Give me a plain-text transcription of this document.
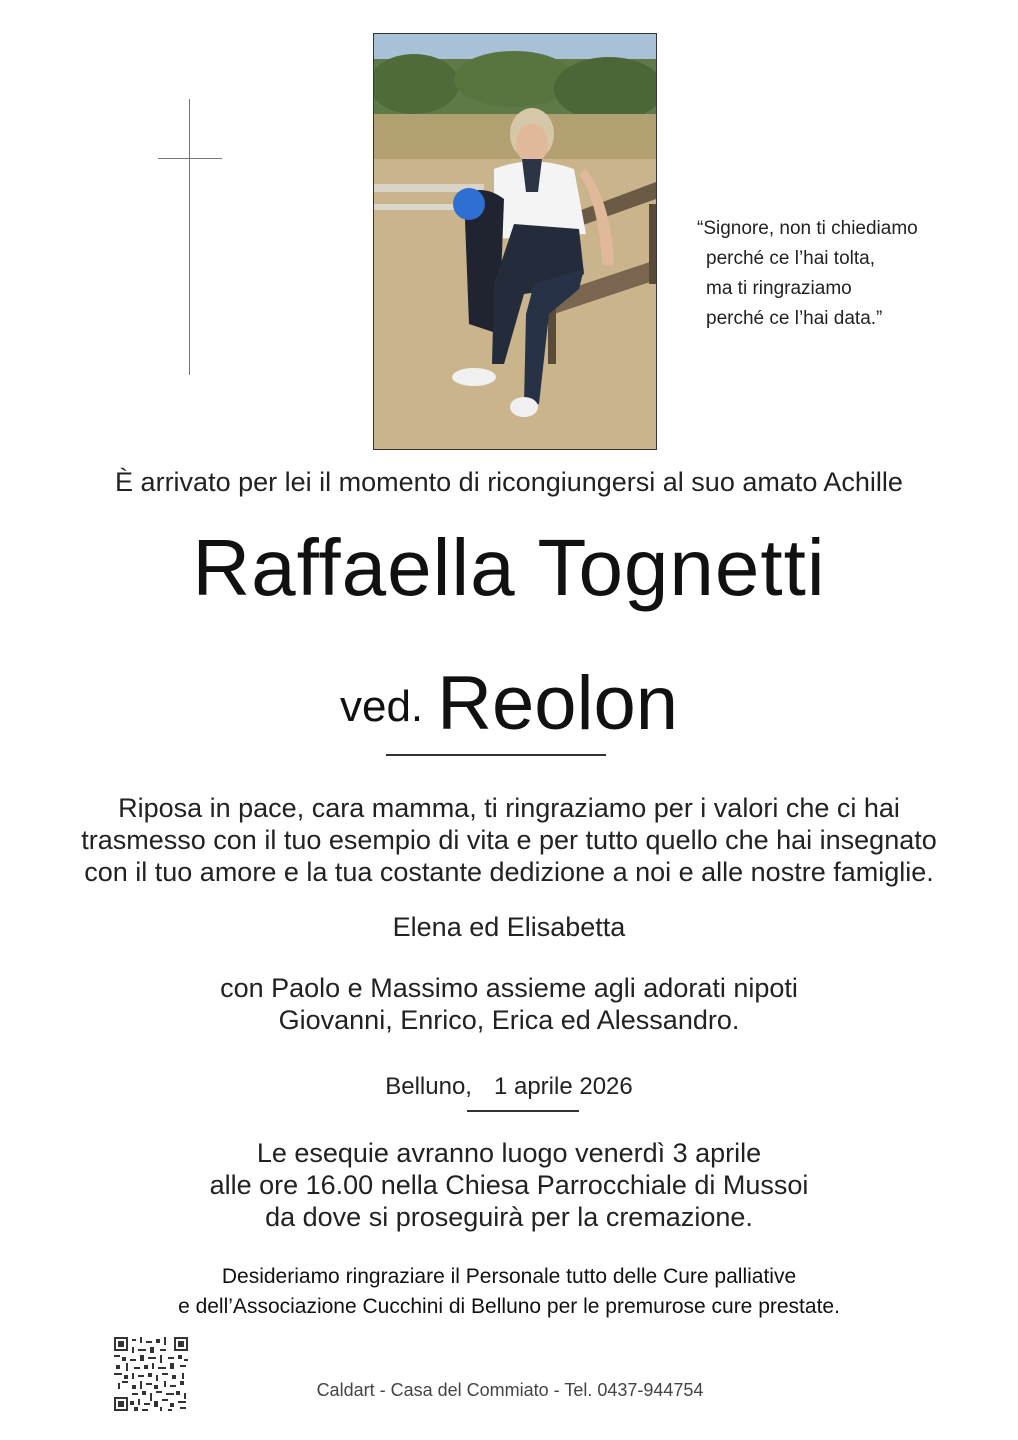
“Signore, non ti chiediamo
perché ce l’hai tolta,
ma ti ringraziamo
perché ce l’hai data.”
È arrivato per lei il momento di ricongiungersi al suo amato Achille
Raffaella Tognetti
ved. Reolon
Riposa in pace, cara mamma, ti ringraziamo per i valori che ci hai
trasmesso con il tuo esempio di vita e per tutto quello che hai insegnato
con il tuo amore e la tua costante dedizione a noi e alle nostre famiglie.
Elena ed Elisabetta
con Paolo e Massimo assieme agli adorati nipoti
Giovanni, Enrico, Erica ed Alessandro.
Belluno, 1 aprile 2026
Le esequie avranno luogo venerdì 3 aprile
alle ore 16.00 nella Chiesa Parrocchiale di Mussoi
da dove si proseguirà per la cremazione.
Desideriamo ringraziare il Personale tutto delle Cure palliative
e dell’Associazione Cucchini di Belluno per le premurose cure prestate.
Caldart - Casa del Commiato - Tel. 0437-944754
